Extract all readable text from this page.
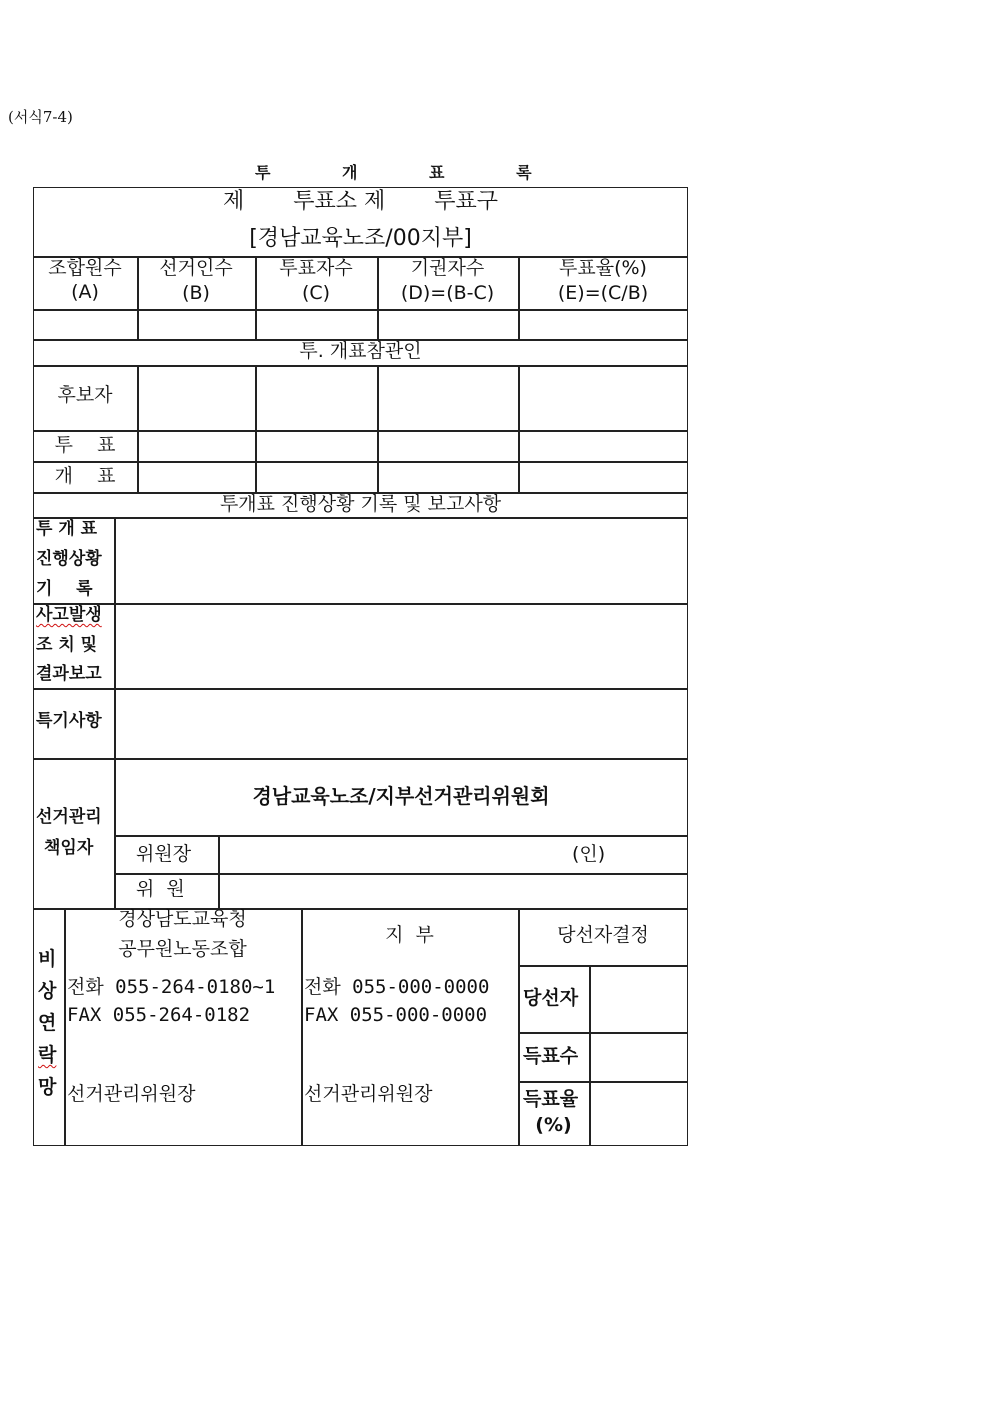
(서식7-4)
투 개 표 록
제       투표소 제       투표구
[경남교육노조/00지부]
조합원수
(A)
선거인수
(B)
투표자수
(C)
기권자수
(D)=(B-C)
투표율(%)
(E)=(C/B)
투. 개표참관인
후보자
투    표
개    표
투개표 진행상황 기록 및 보고사항
투 개 표
진행상황
기    록
사고발생
조 치 및
결과보고
특기사항
선거관리
책임자
경남교육노조/지부선거관리위원회
위원장	(인)
위  원
비
상
연
락
망
경상남도교육청
공무원노동조합
전화 055-264-0180~1
FAX 055-264-0182
선거관리위원장
지  부
전화 055-000-0000
FAX 055-000-0000
선거관리위원장
당선자결정
당선자
득표수
득표율
(%)
